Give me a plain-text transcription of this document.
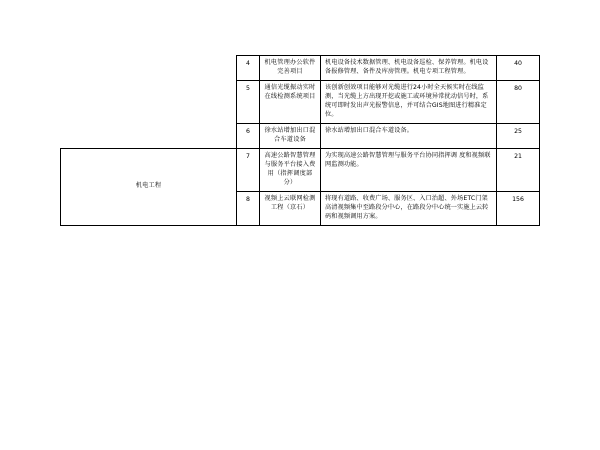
	4	机电管理办公软件完善项目	机电设备技术数据管理、机电设备巡检、保养管理。机电设备报修管理、备件及库房管理。机电专项工程管理。	40

	5	通信光缆振动实时在线检测系统项目	该创新创效项目能够对光缆进行24小时全天候实时在线监测，当光缆上方出现开挖或施工或环境异常扰动信号时，系统可即时发出声光报警信息，并可结合GIS地图进行精准定位。	80

	6	徐水站增加出口混合车道设备	徐水站增加出口混合车道设备。	25

机电工程	7	高速公路智慧管理与服务平台接入费用（指挥调度部分）	为实现高速公路智慧管理与服务平台协同指挥调 度和视频联网监测功能。	21

	8	视频上云联网检测工程（京石）	将现有道路、收费广场、服务区、入口治超、外场ETC门架高清视频集中至路段分中心，在路段分中心统一实施上云转码和视频调用方案。	156
